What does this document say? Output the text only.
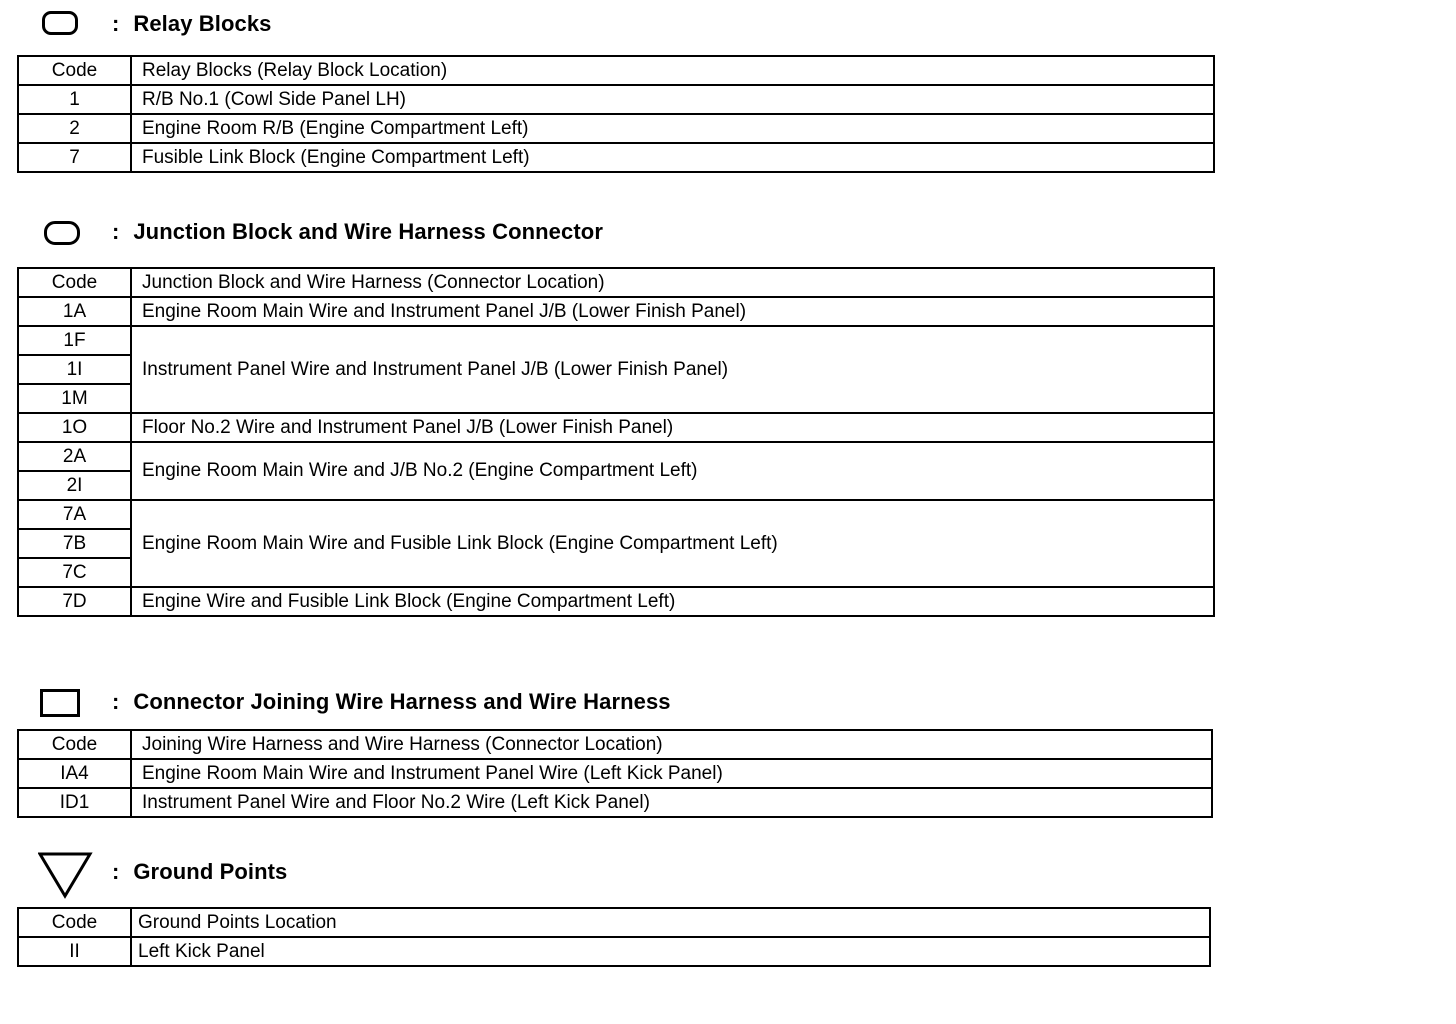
: Relay Blocks
Code	Relay Blocks (Relay Block Location)
1	R/B No.1 (Cowl Side Panel LH)
2	Engine Room R/B (Engine Compartment Left)
7	Fusible Link Block (Engine Compartment Left)
: Junction Block and Wire Harness Connector
Code	Junction Block and Wire Harness (Connector Location)
1A	Engine Room Main Wire and Instrument Panel J/B (Lower Finish Panel)
1F	Instrument Panel Wire and Instrument Panel J/B (Lower Finish Panel)
1I	
1M	
1O	Floor No.2 Wire and Instrument Panel J/B (Lower Finish Panel)
2A	Engine Room Main Wire and J/B No.2 (Engine Compartment Left)
2I	
7A	Engine Room Main Wire and Fusible Link Block (Engine Compartment Left)
7B	
7C	
7D	Engine Wire and Fusible Link Block (Engine Compartment Left)
: Connector Joining Wire Harness and Wire Harness
Code	Joining Wire Harness and Wire Harness (Connector Location)
IA4	Engine Room Main Wire and Instrument Panel Wire (Left Kick Panel)
ID1	Instrument Panel Wire and Floor No.2 Wire (Left Kick Panel)
: Ground Points
Code	Ground Points Location
II	Left Kick Panel
